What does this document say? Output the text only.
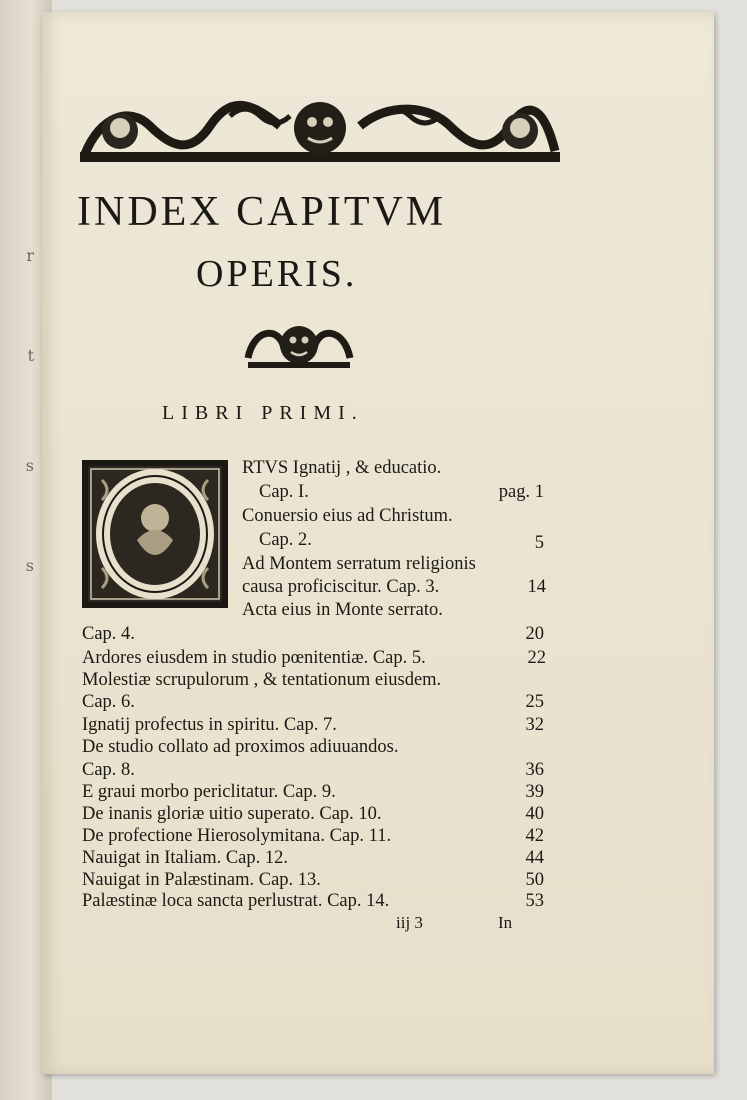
r
t
s
s
INDEX CAPITVM
OPERIS.
LIBRI PRIMI.
RTVS Ignatij , & educatio.
Cap. I.	pag. 1
Conuersio eius ad Christum.
Cap. 2.	5
Ad Montem serratum religionis
causa proficiscitur. Cap. 3.	14
Acta eius in Monte serrato.
Cap. 4.	20
Ardores eiusdem in studio pœnitentiæ. Cap. 5.	22
Molestiæ scrupulorum , & tentationum eiusdem.
Cap. 6.	25
Ignatij profectus in spiritu. Cap. 7.	32
De studio collato ad proximos adiuuandos.
Cap. 8.	36
E graui morbo periclitatur. Cap. 9.	39
De inanis gloriæ uitio superato. Cap. 10.	40
De profectione Hierosolymitana. Cap. 11.	42
Nauigat in Italiam. Cap. 12.	44
Nauigat in Palæstinam. Cap. 13.	50
Palæstinæ loca sancta perlustrat. Cap. 14.	53
iij 3	In
